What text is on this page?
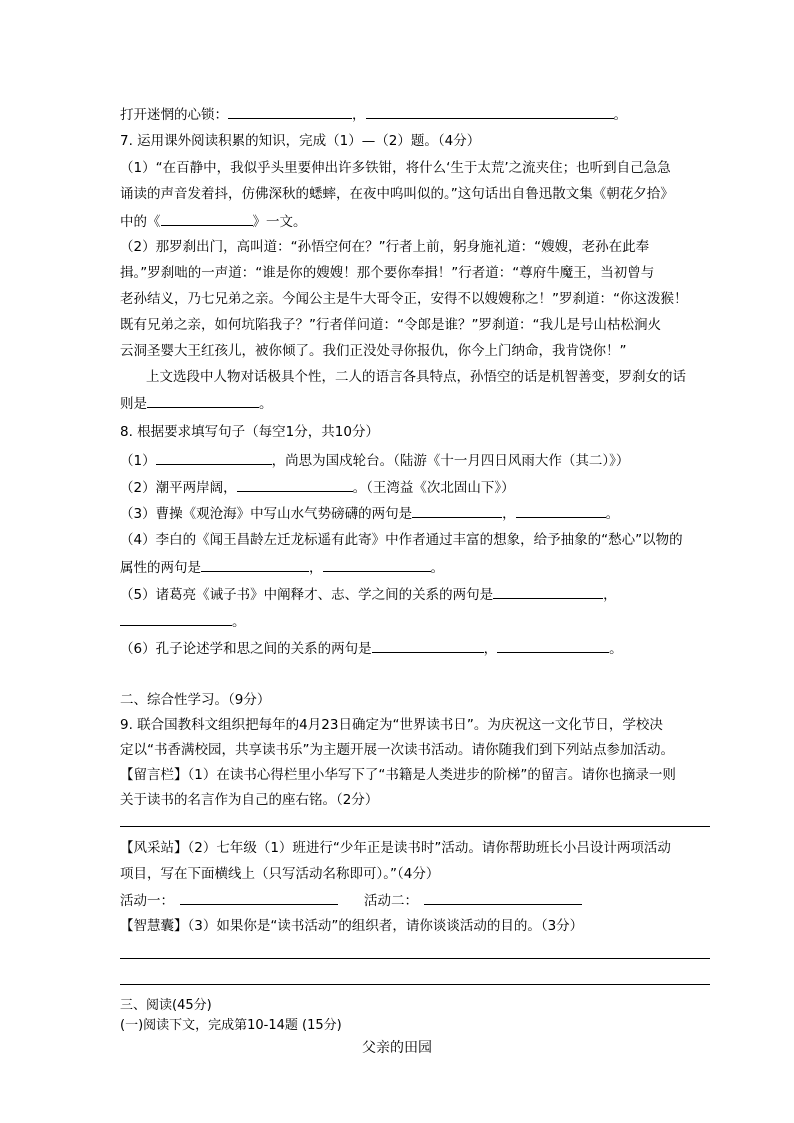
打开迷惘的心锁：	，	。
7. 运用课外阅读积累的知识，完成（1）—（2）题。（4分）
（1）“在百静中，我似乎头里要伸出许多铁钳，将什么‘生于太荒’之流夹住；也听到自己急急
诵读的声音发着抖，仿佛深秋的蟋蟀，在夜中呜叫似的。”这句话出自鲁迅散文集《朝花夕拾》
中的《	》一文。
（2）那罗刹出门，高叫道：“孙悟空何在？”行者上前，躬身施礼道：“嫂嫂，老孙在此奉
揖。”罗刹咄的一声道：“谁是你的嫂嫂！那个要你奉揖！”行者道：“尊府牛魔王，当初曾与
老孙结义，乃七兄弟之亲。今闻公主是牛大哥令正，安得不以嫂嫂称之！”罗刹道：“你这泼猴！
既有兄弟之亲，如何坑陷我子？”行者佯问道：“令郎是谁？”罗刹道：“我儿是号山枯松涧火
云洞圣婴大王红孩儿，被你倾了。我们正没处寻你报仇，你今上门纳命，我肯饶你！”
上文选段中人物对话极具个性，二人的语言各具特点，孙悟空的话是机智善变，罗刹女的话
则是	。
8. 根据要求填写句子（每空1分，共10分）
（1）	，尚思为国戍轮台。（陆游《十一月四日风雨大作（其二）》）
（2）潮平两岸阔，	。（王湾益《次北固山下》）
（3）曹操《观沧海》中写山水气势磅礴的两句是	，	。
（4）李白的《闻王昌龄左迁龙标遥有此寄》中作者通过丰富的想象，给予抽象的“愁心”以物的
属性的两句是	，	。
（5）诸葛亮《诫子书》中阐释才、志、学之间的关系的两句是	，
。
（6）孔子论述学和思之间的关系的两句是	，	。
二、综合性学习。（9分）
9. 联合国教科文组织把每年的4月23日确定为“世界读书日”。为庆祝这一文化节日，学校决
定以“书香满校园，共享读书乐”为主题开展一次读书活动。请你随我们到下列站点参加活动。
【留言栏】（1）在读书心得栏里小华写下了“书籍是人类进步的阶梯”的留言。请你也摘录一则
关于读书的名言作为自己的座右铭。（2分）
【风采站】（2）七年级（1）班进行“少年正是读书时”活动。请你帮助班长小吕设计两项活动
项目，写在下面横线上（只写活动名称即可）。”（4分）
活动一：	活动二：
【智慧囊】（3）如果你是“读书活动”的组织者，请你谈谈活动的目的。（3分）
三、阅读(45分)
(一)阅读下文，完成第10-14题 (15分)
父亲的田园
